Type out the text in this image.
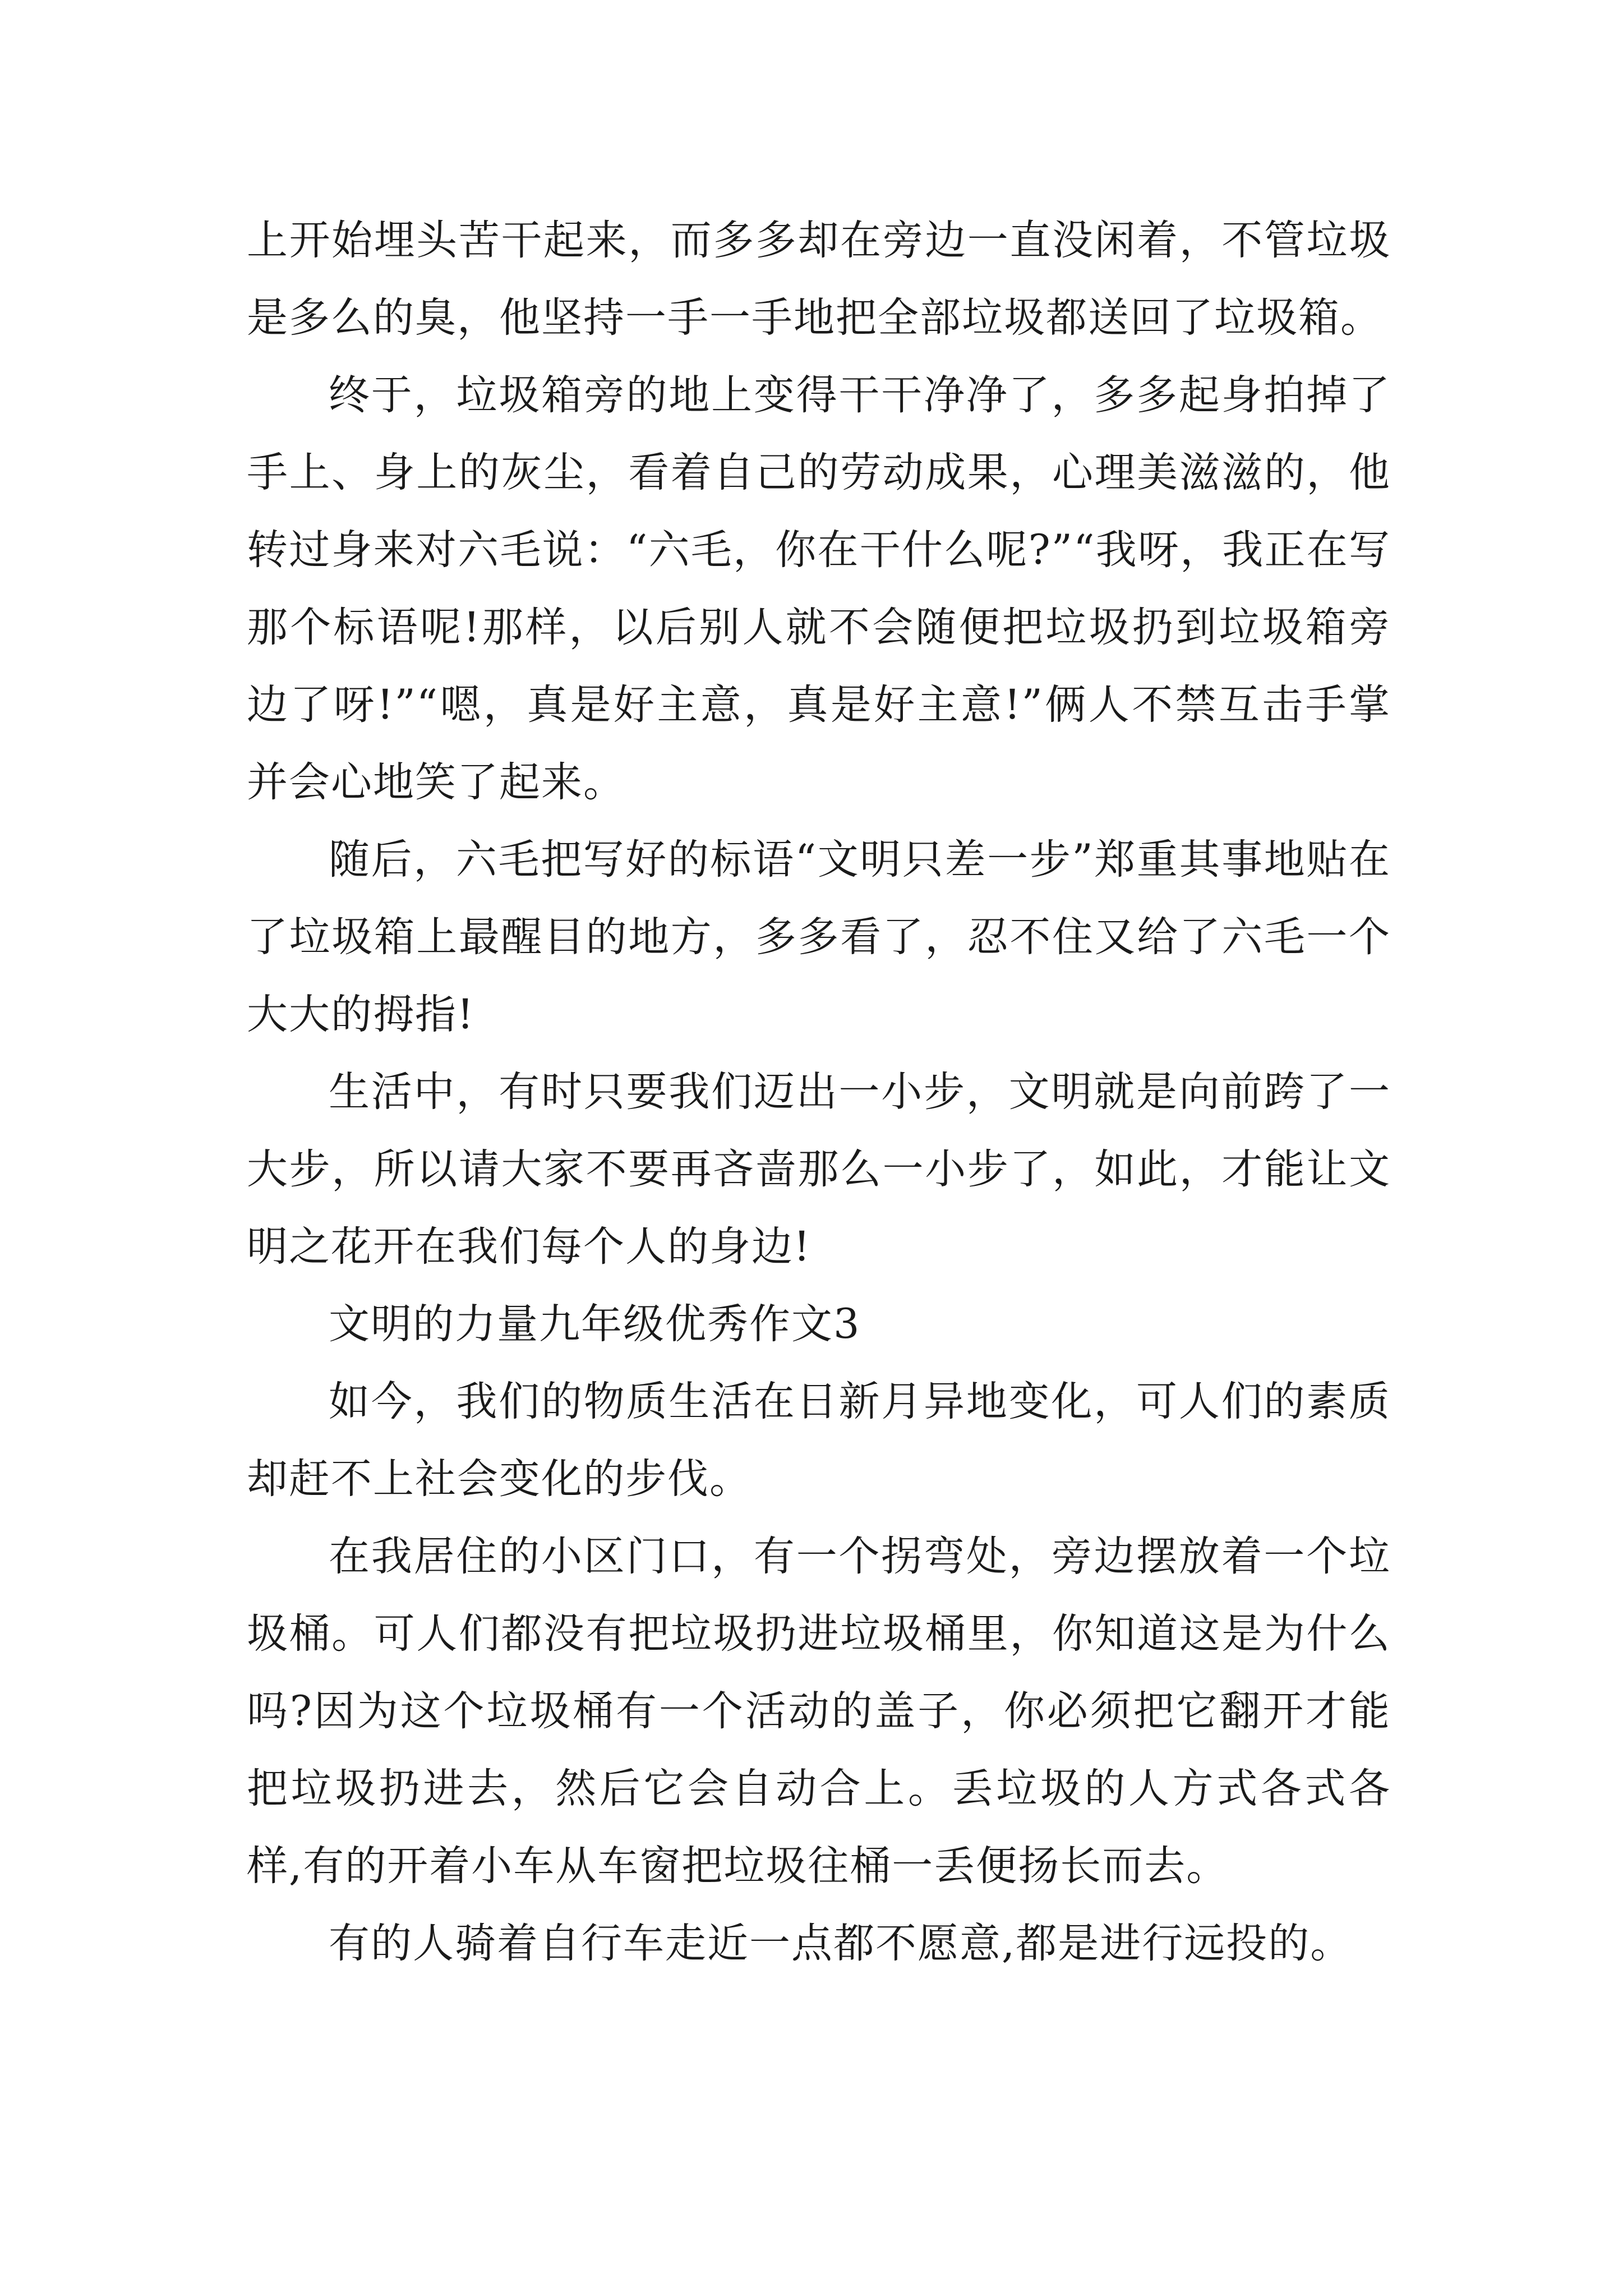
上开始埋头苦干起来，而多多却在旁边一直没闲着，不管垃圾是多么的臭，他坚持一手一手地把全部垃圾都送回了垃圾箱。

终于，垃圾箱旁的地上变得干干净净了，多多起身拍掉了手上、身上的灰尘，看着自己的劳动成果，心理美滋滋的，他转过身来对六毛说：“六毛，你在干什么呢?”“我呀，我正在写那个标语呢!那样，以后别人就不会随便把垃圾扔到垃圾箱旁边了呀!”“嗯，真是好主意，真是好主意!”俩人不禁互击手掌并会心地笑了起来。

随后，六毛把写好的标语“文明只差一步”郑重其事地贴在了垃圾箱上最醒目的地方，多多看了，忍不住又给了六毛一个大大的拇指!

生活中，有时只要我们迈出一小步，文明就是向前跨了一大步，所以请大家不要再吝啬那么一小步了，如此，才能让文明之花开在我们每个人的身边!

文明的力量九年级优秀作文3

如今，我们的物质生活在日新月异地变化，可人们的素质却赶不上社会变化的步伐。

在我居住的小区门口，有一个拐弯处，旁边摆放着一个垃圾桶。可人们都没有把垃圾扔进垃圾桶里，你知道这是为什么吗?因为这个垃圾桶有一个活动的盖子，你必须把它翻开才能把垃圾扔进去，然后它会自动合上。丢垃圾的人方式各式各样,有的开着小车从车窗把垃圾往桶一丢便扬长而去。

有的人骑着自行车走近一点都不愿意,都是进行远投的。
